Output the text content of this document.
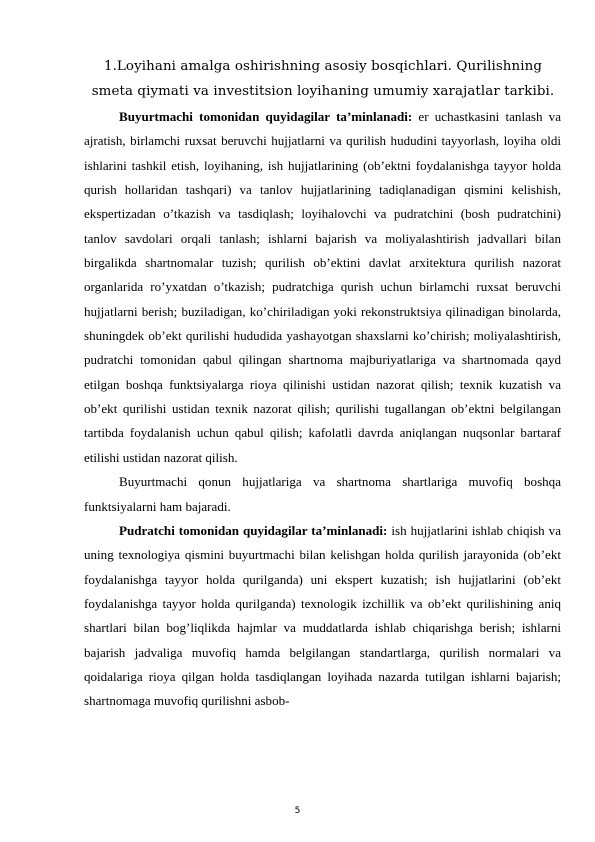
1.Loyihani amalga oshirishning asosiy bosqichlari. Qurilishning
smeta qiymati va investitsion loyihaning umumiy xarajatlar tarkibi.

Buyurtmachi tomonidan quyidagilar ta’minlanadi: er uchastkasini tanlash va ajratish, birlamchi ruxsat beruvchi hujjatlarni va qurilish hududini tayyorlash, loyiha oldi ishlarini tashkil etish, loyihaning, ish hujjatlarining (ob’ektni foydalanishga tayyor holda qurish hollaridan tashqari) va tanlov hujjatlarining tadiqlanadigan qismini kelishish, ekspertizadan o’tkazish va tasdiqlash; loyihalovchi va pudratchini (bosh pudratchini) tanlov savdolari orqali tanlash; ishlarni bajarish va moliyalashtirish jadvallari bilan birgalikda shartnomalar tuzish; qurilish ob’ektini davlat arxitektura qurilish nazorat organlarida ro’yxatdan o’tkazish; pudratchiga qurish uchun birlamchi ruxsat beruvchi hujjatlarni berish; buziladigan, ko’chiriladigan yoki rekonstruktsiya qilinadigan binolarda, shuningdek ob’ekt qurilishi hududida yashayotgan shaxslarni ko’chirish; moliyalashtirish, pudratchi tomonidan qabul qilingan shartnoma majburiyatlariga va shartnomada qayd etilgan boshqa funktsiyalarga rioya qilinishi ustidan nazorat qilish; texnik kuzatish va ob’ekt qurilishi ustidan texnik nazorat qilish; qurilishi tugallangan ob’ektni belgilangan tartibda foydalanish uchun qabul qilish; kafolatli davrda aniqlangan nuqsonlar bartaraf etilishi ustidan nazorat qilish.

Buyurtmachi qonun hujjatlariga va shartnoma shartlariga muvofiq boshqa funktsiyalarni ham bajaradi.

Pudratchi tomonidan quyidagilar ta’minlanadi: ish hujjatlarini ishlab chiqish va uning texnologiya qismini buyurtmachi bilan kelishgan holda qurilish jarayonida (ob’ekt foydalanishga tayyor holda qurilganda) uni ekspert kuzatish; ish hujjatlarini (ob’ekt foydalanishga tayyor holda qurilganda) texnologik izchillik va ob’ekt qurilishining aniq shartlari bilan bog’liqlikda hajmlar va muddatlarda ishlab chiqarishga berish; ishlarni bajarish jadvaliga muvofiq hamda belgilangan standartlarga, qurilish normalari va qoidalariga rioya qilgan holda tasdiqlangan loyihada nazarda tutilgan ishlarni bajarish; shartnomaga muvofiq qurilishni asbob-

5
